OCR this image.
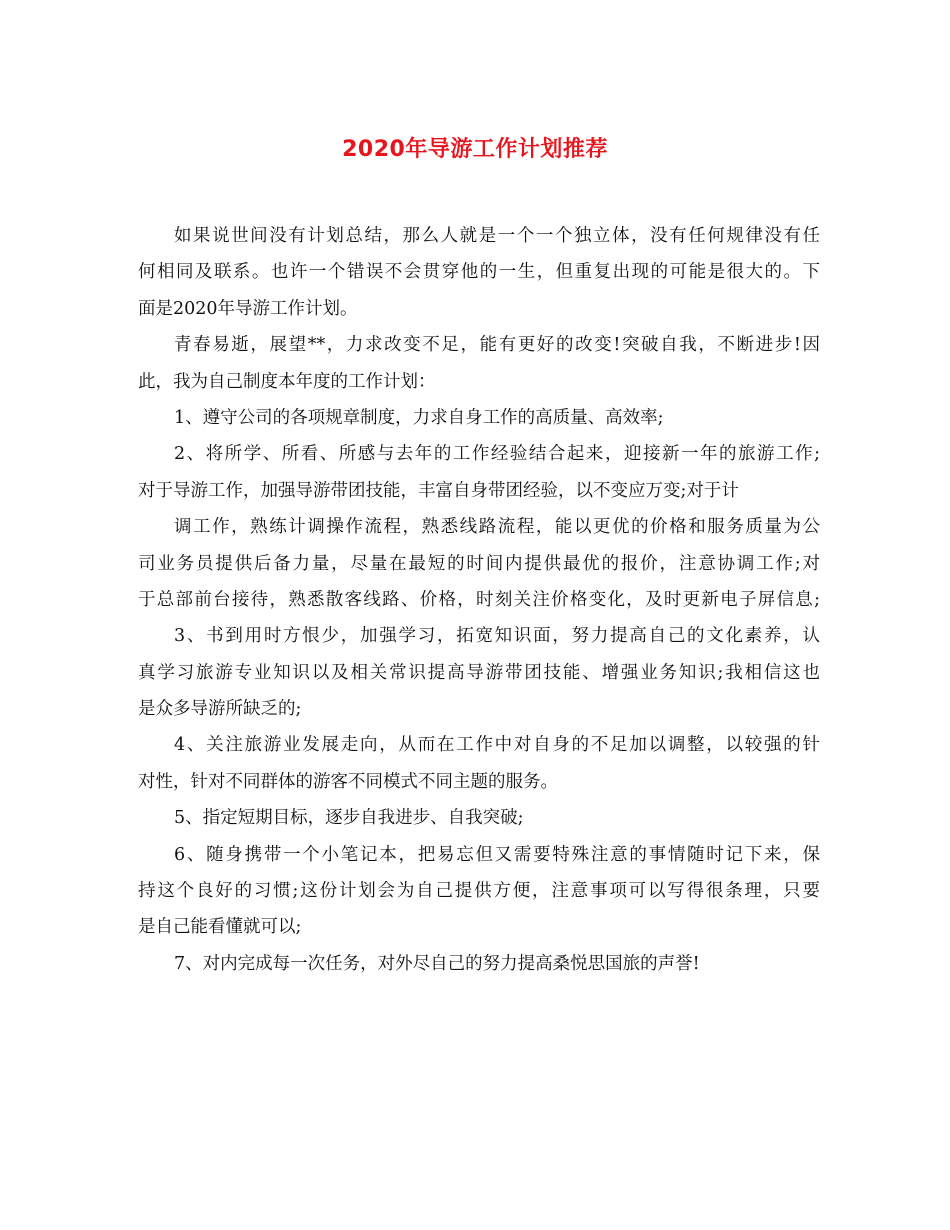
2020年导游工作计划推荐
如果说世间没有计划总结，那么人就是一个一个独立体，没有任何规律没有任
何相同及联系。也许一个错误不会贯穿他的一生，但重复出现的可能是很大的。下
面是2020年导游工作计划。
青春易逝，展望**，力求改变不足，能有更好的改变!突破自我，不断进步!因
此，我为自己制度本年度的工作计划：
1、遵守公司的各项规章制度，力求自身工作的高质量、高效率;
2、将所学、所看、所感与去年的工作经验结合起来，迎接新一年的旅游工作;
对于导游工作，加强导游带团技能，丰富自身带团经验，以不变应万变;对于计
调工作，熟练计调操作流程，熟悉线路流程，能以更优的价格和服务质量为公
司业务员提供后备力量，尽量在最短的时间内提供最优的报价，注意协调工作;对
于总部前台接待，熟悉散客线路、价格，时刻关注价格变化，及时更新电子屏信息;
3、书到用时方恨少，加强学习，拓宽知识面，努力提高自己的文化素养，认
真学习旅游专业知识以及相关常识提高导游带团技能、增强业务知识;我相信这也
是众多导游所缺乏的;
4、关注旅游业发展走向，从而在工作中对自身的不足加以调整，以较强的针
对性，针对不同群体的游客不同模式不同主题的服务。
5、指定短期目标，逐步自我进步、自我突破;
6、随身携带一个小笔记本，把易忘但又需要特殊注意的事情随时记下来，保
持这个良好的习惯;这份计划会为自己提供方便，注意事项可以写得很条理，只要
是自己能看懂就可以;
7、对内完成每一次任务，对外尽自己的努力提高桑悦思国旅的声誉!
